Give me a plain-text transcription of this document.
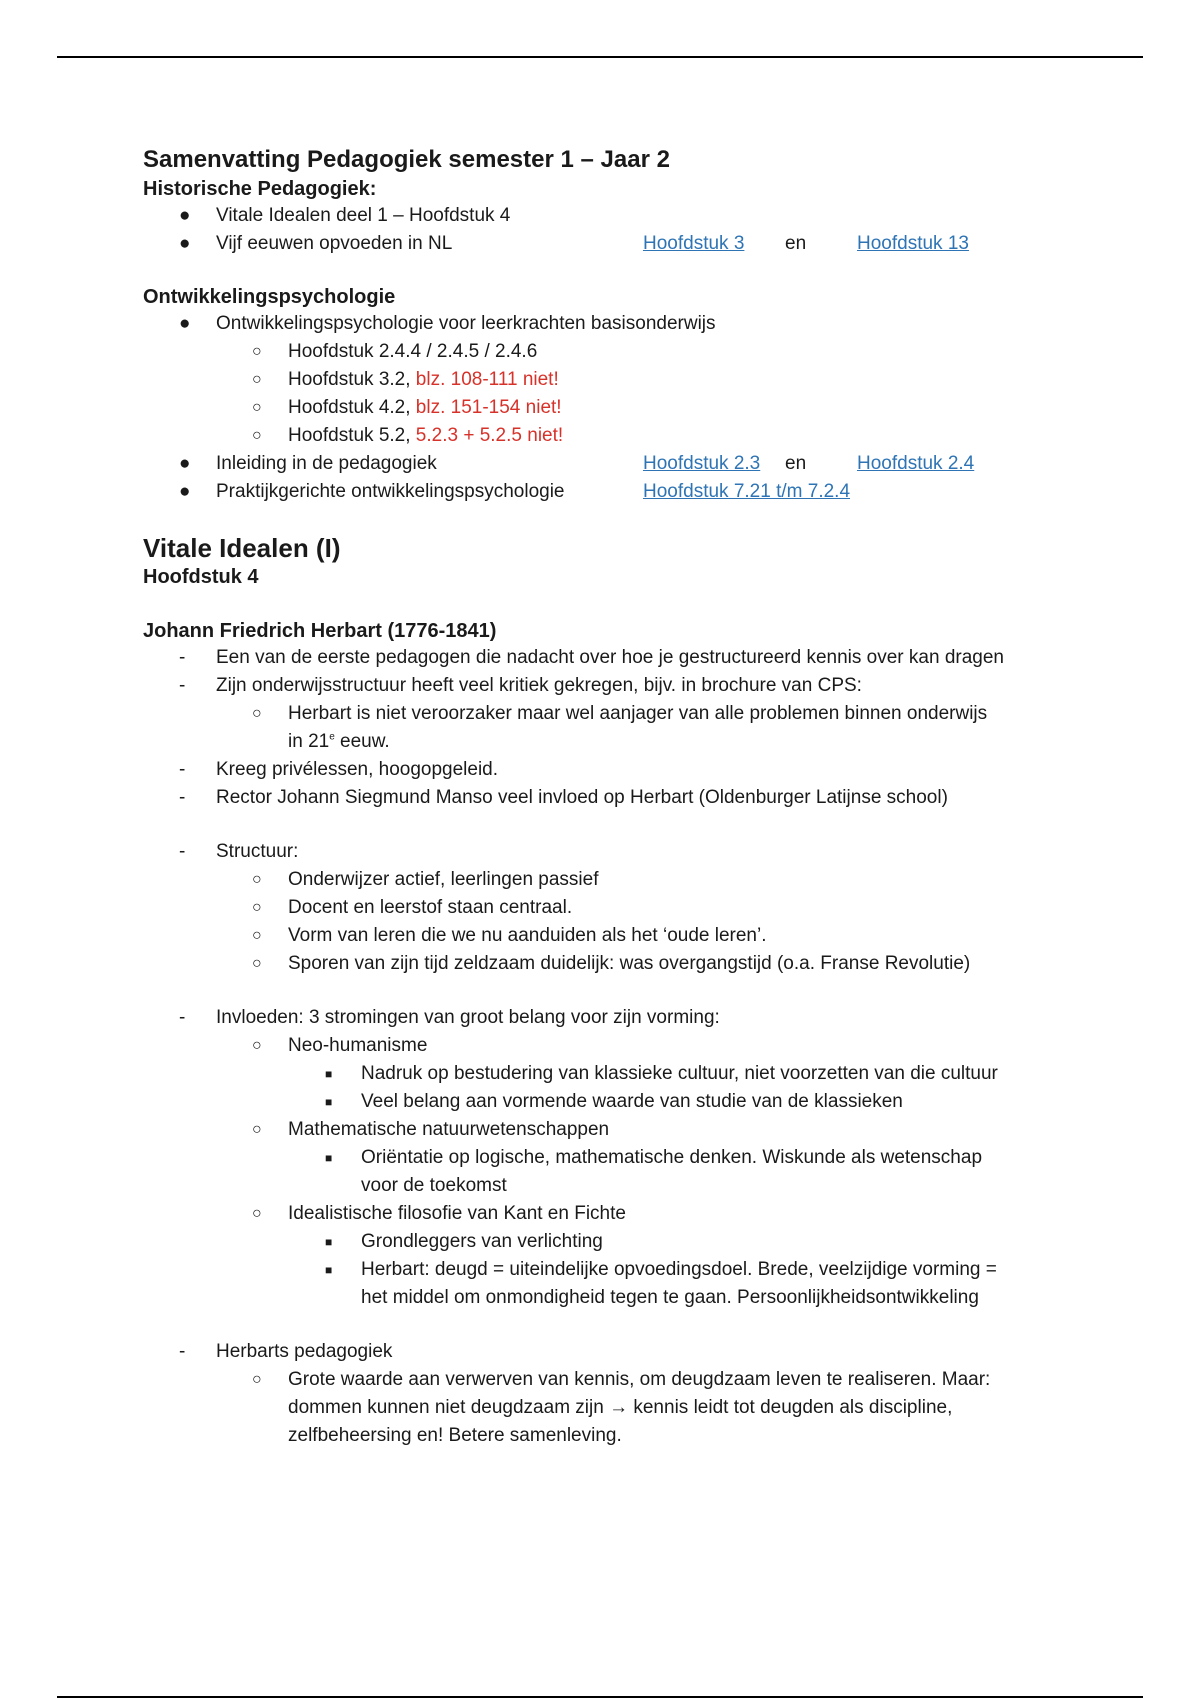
Samenvatting Pedagogiek semester 1 – Jaar 2
Historische Pedagogiek:
● Vitale Idealen deel 1 – Hoofdstuk 4
● Vijf eeuwen opvoeden in NL	Hoofdstuk 3 en	Hoofdstuk 13
Ontwikkelingspsychologie
● Ontwikkelingspsychologie voor leerkrachten basisonderwijs
○ Hoofdstuk 2.4.4 / 2.4.5 / 2.4.6
○ Hoofdstuk 3.2, blz. 108-111 niet!
○ Hoofdstuk 4.2, blz. 151-154 niet!
○ Hoofdstuk 5.2, 5.2.3 + 5.2.5 niet!
● Inleiding in de pedagogiek	Hoofdstuk 2.3 en	Hoofdstuk 2.4
● Praktijkgerichte ontwikkelingspsychologie	Hoofdstuk 7.21 t/m 7.2.4
Vitale Idealen (I)
Hoofdstuk 4
Johann Friedrich Herbart (1776-1841)
- Een van de eerste pedagogen die nadacht over hoe je gestructureerd kennis over kan dragen
- Zijn onderwijsstructuur heeft veel kritiek gekregen, bijv. in brochure van CPS:
○ Herbart is niet veroorzaker maar wel aanjager van alle problemen binnen onderwijs
in 21e eeuw.
- Kreeg privélessen, hoogopgeleid.
- Rector Johann Siegmund Manso veel invloed op Herbart (Oldenburger Latijnse school)
- Structuur:
○ Onderwijzer actief, leerlingen passief
○ Docent en leerstof staan centraal.
○ Vorm van leren die we nu aanduiden als het ‘oude leren’.
○ Sporen van zijn tijd zeldzaam duidelijk: was overgangstijd (o.a. Franse Revolutie)
- Invloeden: 3 stromingen van groot belang voor zijn vorming:
○ Neo-humanisme
■ Nadruk op bestudering van klassieke cultuur, niet voorzetten van die cultuur
■ Veel belang aan vormende waarde van studie van de klassieken
○ Mathematische natuurwetenschappen
■ Oriëntatie op logische, mathematische denken. Wiskunde als wetenschap
voor de toekomst
○ Idealistische filosofie van Kant en Fichte
■ Grondleggers van verlichting
■ Herbart: deugd = uiteindelijke opvoedingsdoel. Brede, veelzijdige vorming =
het middel om onmondigheid tegen te gaan. Persoonlijkheidsontwikkeling
- Herbarts pedagogiek
○ Grote waarde aan verwerven van kennis, om deugdzaam leven te realiseren. Maar:
dommen kunnen niet deugdzaam zijn → kennis leidt tot deugden als discipline,
zelfbeheersing en! Betere samenleving.
